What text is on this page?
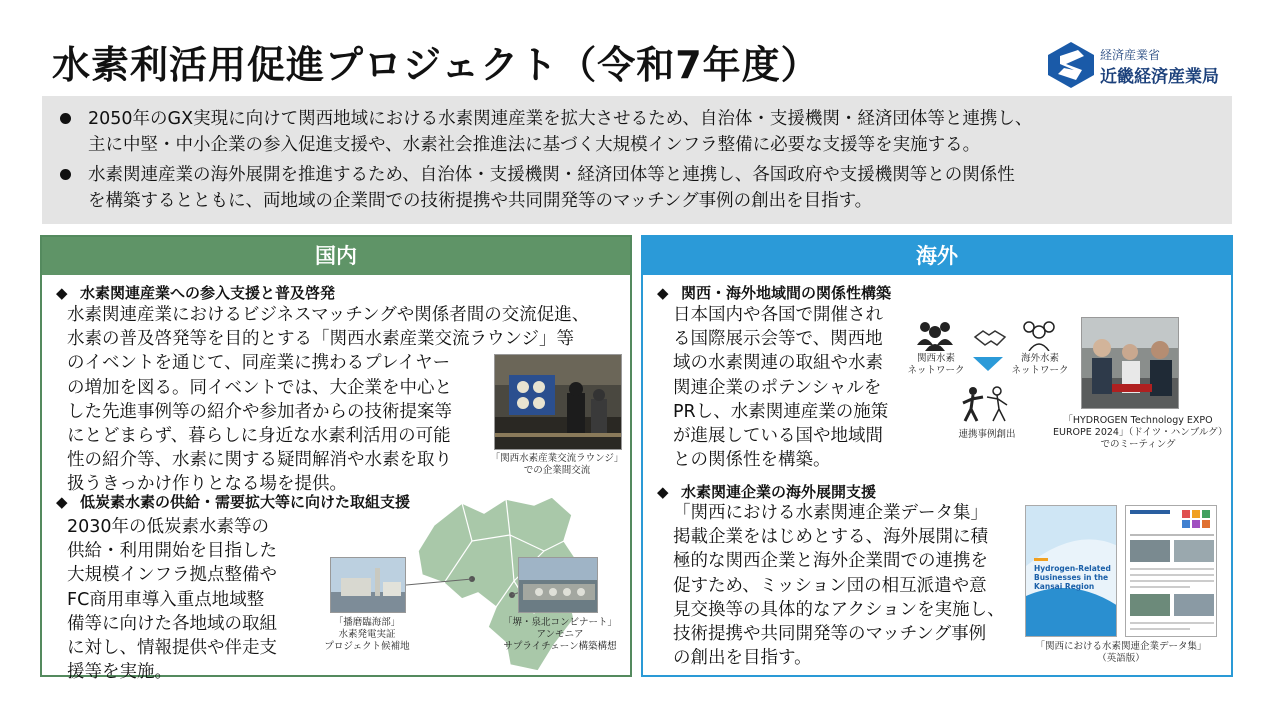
水素利活用促進プロジェクト（令和7年度）	経済産業省
近畿経済産業局
2050年のGX実現に向けて関西地域における水素関連産業を拡大させるため、自治体・支援機関・経済団体等と連携し、
主に中堅・中小企業の参入促進支援や、水素社会推進法に基づく大規模インフラ整備に必要な支援等を実施する。
水素関連産業の海外展開を推進するため、自治体・支援機関・経済団体等と連携し、各国政府や支援機関等との関係性
を構築するとともに、両地域の企業間での技術提携や共同開発等のマッチング事例の創出を目指す。
国内
◆ 水素関連産業への参入支援と普及啓発
水素関連産業におけるビジネスマッチングや関係者間の交流促進、
水素の普及啓発等を目的とする「関西水素産業交流ラウンジ」等
のイベントを通じて、同産業に携わるプレイヤー
の増加を図る。同イベントでは、大企業を中心と
した先進事例等の紹介や参加者からの技術提案等
にとどまらず、暮らしに身近な水素利活用の可能
性の紹介等、水素に関する疑問解消や水素を取り
扱うきっかけ作りとなる場を提供。
「関西水素産業交流ラウンジ」
での企業間交流
◆ 低炭素水素の供給・需要拡大等に向けた取組支援
2030年の低炭素水素等の
供給・利用開始を目指した
大規模インフラ拠点整備や
FC商用車導入重点地域整
備等に向けた各地域の取組
に対し、情報提供や伴走支
援等を実施。
「播磨臨海部」
水素発電実証
プロジェクト候補地
「堺・泉北コンビナート」
アンモニア
サプライチェーン構築構想
海外
◆ 関西・海外地域間の関係性構築
日本国内や各国で開催され
る国際展示会等で、関西地
域の水素関連の取組や水素
関連企業のポテンシャルを
PRし、水素関連産業の施策
が進展している国や地域間
との関係性を構築。
関西水素
ネットワーク
海外水素
ネットワーク
連携事例創出
「HYDROGEN Technology EXPO
EUROPE 2024」（ドイツ・ハンブルグ）
でのミーティング
◆ 水素関連企業の海外展開支援
「関西における水素関連企業データ集」
掲載企業をはじめとする、海外展開に積
極的な関西企業と海外企業間での連携を
促すため、ミッション団の相互派遣や意
見交換等の具体的なアクションを実施し、
技術提携や共同開発等のマッチング事例
の創出を目指す。
Hydrogen-Related
Businesses in the
Kansai Region
「関西における水素関連企業データ集」
（英語版）
